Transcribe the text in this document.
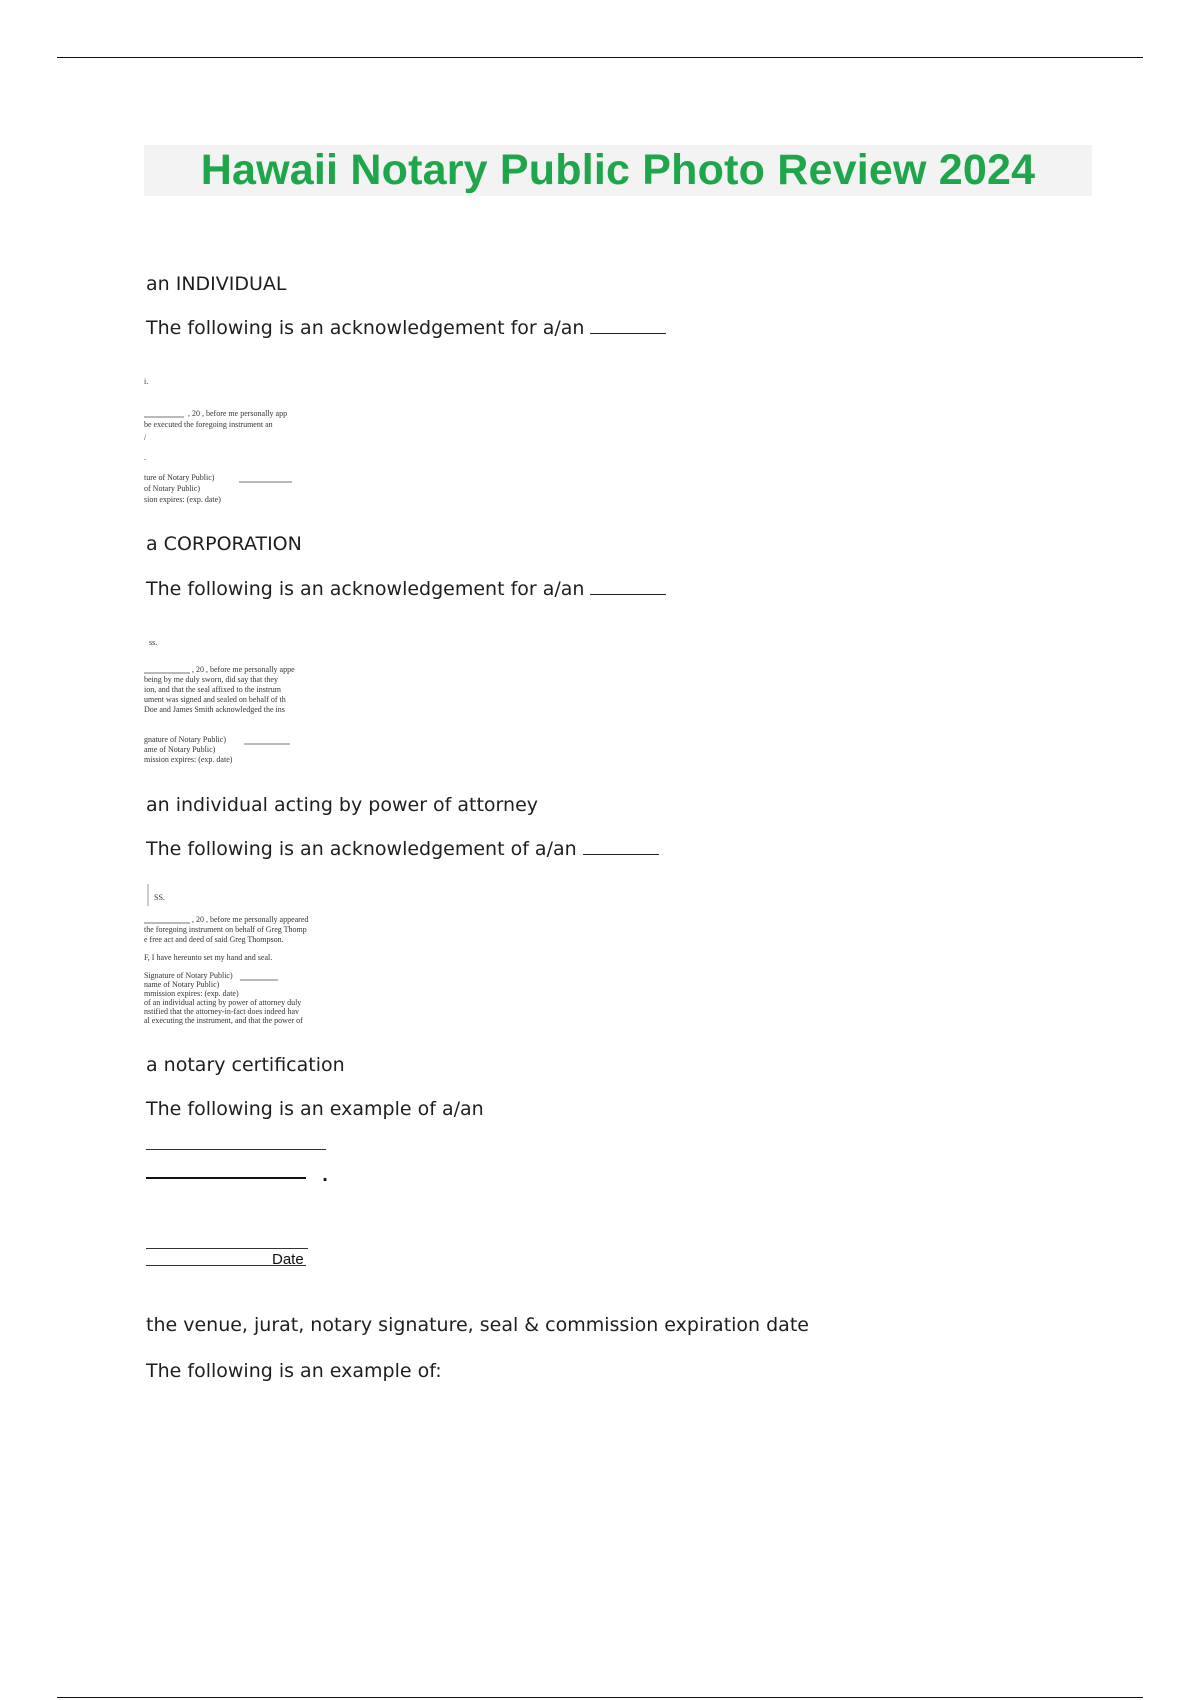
Hawaii Notary Public Photo Review 2024
an INDIVIDUAL
The following is an acknowledgement for a/an
i.
, 20 , before me personally app
be executed the foregoing instrument an
/
.
ture of Notary Public)
of Notary Public)
sion expires: (exp. date)
a CORPORATION
The following is an acknowledgement for a/an
ss.
, 20 , before me personally appe
being by me duly sworn, did say that they
ion, and that the seal affixed to the instrum
ument was signed and sealed on behalf of th
Doe and James Smith acknowledged the ins
gnature of Notary Public)
ame of Notary Public)
mission expires: (exp. date)
an individual acting by power of attorney
The following is an acknowledgement of a/an
SS.
, 20 , before me personally appeared
the foregoing instrument on behalf of Greg Thomp
e free act and deed of said Greg Thompson.
F, I have hereunto set my hand and seal.
Signature of Notary Public)
name of Notary Public)
mmission expires: (exp. date)
of an individual acting by power of attorney duly
nstified that the attorney-in-fact does indeed hav
al executing the instrument, and that the power of
a notary certification
The following is an example of a/an
.
Date
the venue, jurat, notary signature, seal & commission expiration date
The following is an example of:
